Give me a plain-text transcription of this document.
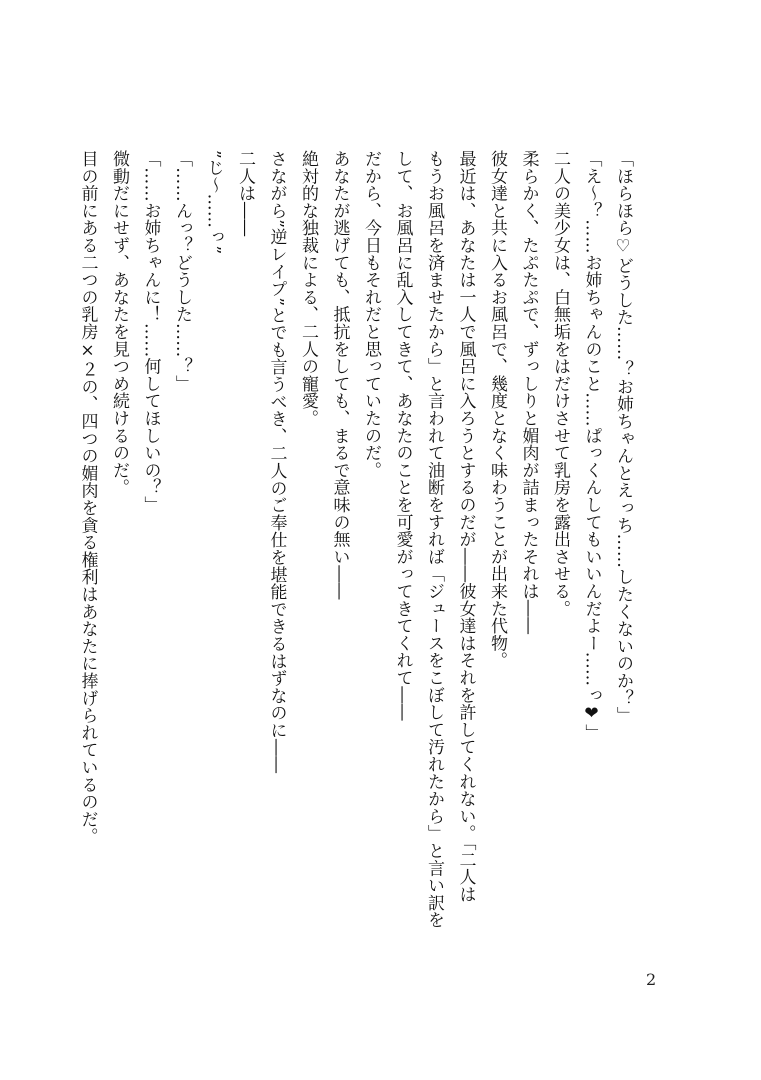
「ほらほら♡どうした……？お姉ちゃんとえっち……したくないのか？」
「え～？……お姉ちゃんのこと……ぱっくんしてもいいんだよー……っ❤」
二人の美少女は、白無垢をはだけさせて乳房を露出させる。
柔らかく、たぷたぷで、ずっしりと媚肉が詰まったそれは――
彼女達と共に入るお風呂で、幾度となく味わうことが出来た代物。
最近は、あなたは一人で風呂に入ろうとするのだが――彼女達はそれを許してくれない。「二人は
もうお風呂を済ませたから」と言われて油断をすれば「ジュースをこぼして汚れたから」と言い訳を
して、お風呂に乱入してきて、あなたのことを可愛がってきてくれて――
だから、今日もそれだと思っていたのだ。
あなたが逃げても、抵抗をしても、まるで意味の無い――
絶対的な独裁による、二人の寵愛。
さながら”逆レイプ”とでも言うべき、二人のご奉仕を堪能できるはずなのに――
二人は――
”じ～……っ”
「……んっ？どうした……？」
「……お姉ちゃんに！……何してほしいの？」
微動だにせず、あなたを見つめ続けるのだ。
目の前にある二つの乳房×２の、四つの媚肉を貪る権利はあなたに捧げられているのだ。
2
